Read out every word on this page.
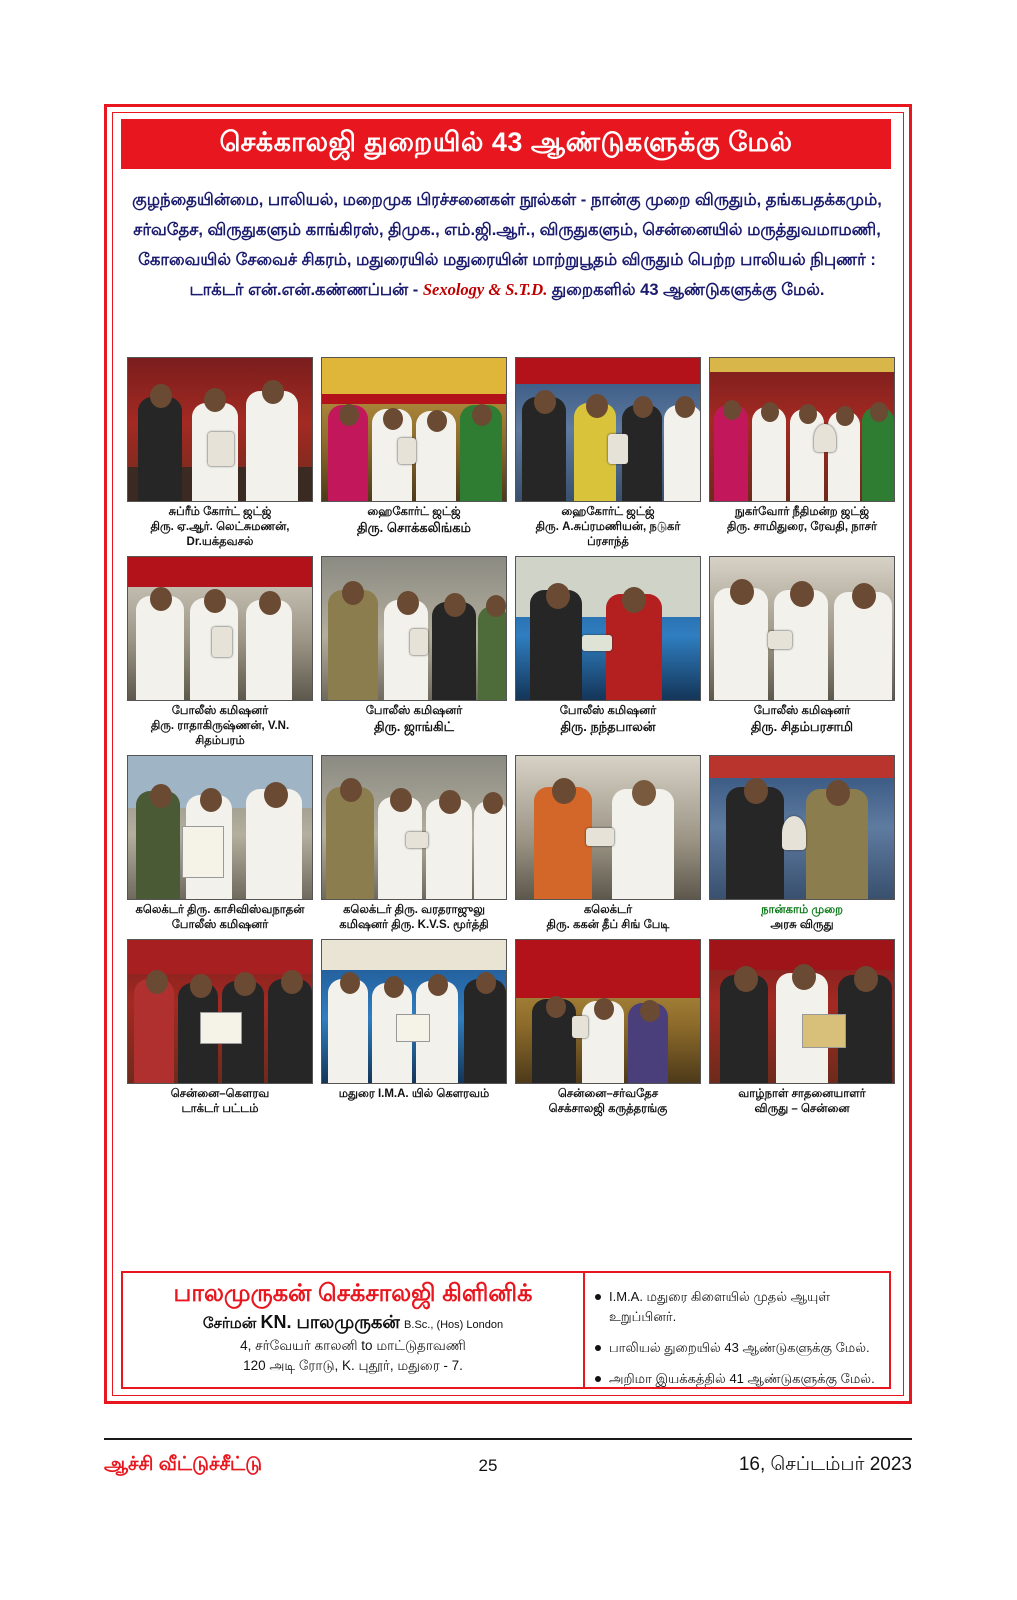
செக்காலஜி துறையில் 43 ஆண்டுகளுக்கு மேல்
குழந்தையின்மை, பாலியல், மறைமுக பிரச்சனைகள் நூல்கள் - நான்கு முறை விருதும், தங்கபதக்கமும்,
சர்வதேச, விருதுகளும் காங்கிரஸ், திமுக., எம்.ஜி.ஆர்., விருதுகளும், சென்னையில் மருத்துவமாமணி,
கோவையில் சேவைச் சிகரம், மதுரையில் மதுரையின் மாற்றுபூதம் விருதும் பெற்ற பாலியல் நிபுணர் :
டாக்டர் என்.என்.கண்ணப்பன் - Sexology & S.T.D. துறைகளில் 43 ஆண்டுகளுக்கு மேல்.
சுப்ரீம் கோர்ட் ஜட்ஜ்
திரு. ஏ.ஆர். லெட்சுமணன், Dr.யக்தவசல்
ஹைகோர்ட் ஜட்ஜ்
திரு. சொக்கலிங்கம்
ஹைகோர்ட் ஜட்ஜ்
திரு. A.சுப்ரமணியன், நடுகர் ப்ரசாந்த்
நுகர்வோர் நீதிமன்ற ஜட்ஜ்
திரு. சாமிதுரை, ரேவதி, நாசர்
போலீஸ் கமிஷனர்
திரு. ராதாகிருஷ்ணன், V.N. சிதம்பரம்
போலீஸ் கமிஷனர்
திரு. ஜாங்கிட்
போலீஸ் கமிஷனர்
திரு. நந்தபாலன்
போலீஸ் கமிஷனர்
திரு. சிதம்பரசாமி
கலெக்டர் திரு. காசிவிஸ்வநாதன்
போலீஸ் கமிஷனர்
கலெக்டர் திரு. வரதராஜுலு
கமிஷனர் திரு. K.V.S. மூர்த்தி
கலெக்டர்
திரு. ககன் தீப் சிங் பேடி
நான்காம் முறை
அரசு விருது
சென்னை–கௌரவ
டாக்டர் பட்டம்
மதுரை I.M.A. யில் கௌரவம்	சென்னை–சர்வதேச
செக்சாலஜி கருத்தரங்கு
வாழ்நாள் சாதனையாளர்
விருது – சென்னை
பாலமுருகன் செக்சாலஜி கிளினிக்
சேர்மன் KN. பாலமுருகன் B.Sc., (Hos) London
4, சர்வேயர் காலனி to மாட்டுதாவணி
120 அடி ரோடு, K. புதூர், மதுரை - 7.
I.M.A. மதுரை கிளையில் முதல் ஆயுள் உறுப்பினர்.
பாலியல் துறையில் 43 ஆண்டுகளுக்கு மேல்.
அறிமா இயக்கத்தில் 41 ஆண்டுகளுக்கு மேல்.
ஆச்சி வீட்டுச்சீட்டு	25	16, செப்டம்பர் 2023
